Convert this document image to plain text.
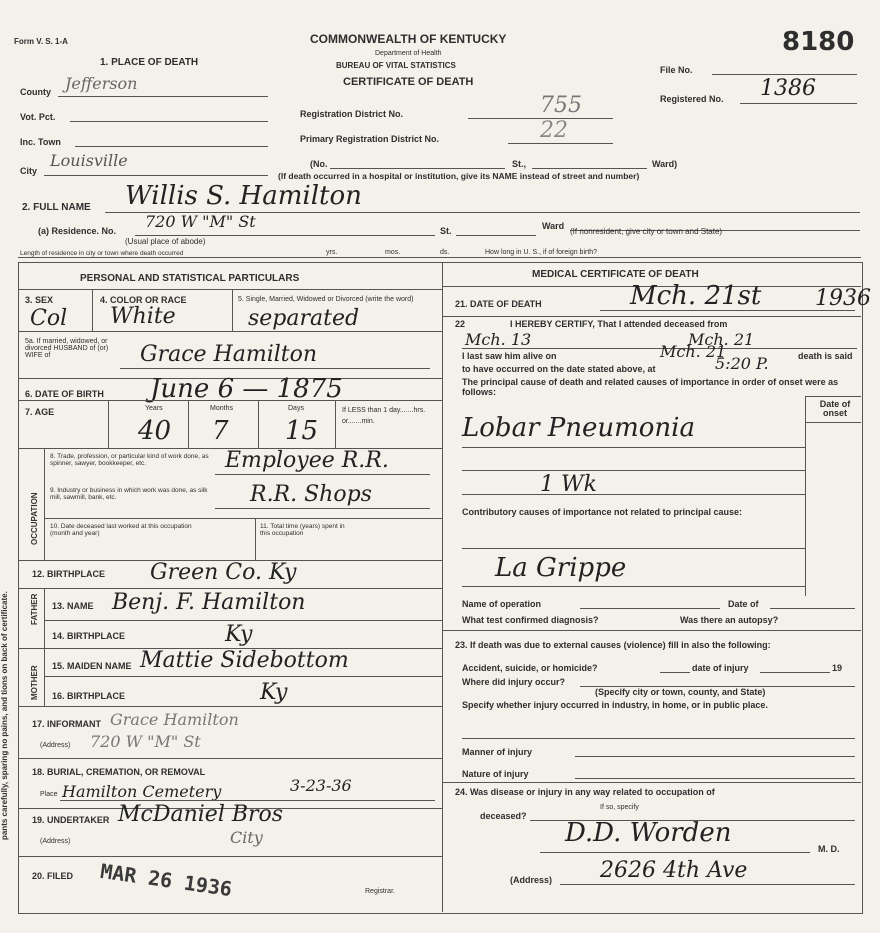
Form V. S. 1-A	COMMONWEALTH OF KENTUCKY
Department of Health
BUREAU OF VITAL STATISTICS
CERTIFICATE OF DEATH
8180
File No.
Registered No. 1386
1. PLACE OF DEATH
County Jefferson
Vot. Pct.
Inc. Town
City
Louisville
Registration District No.	755
Primary Registration District No.	22
(No.	St.,	Ward)
(If death occurred in a hospital or institution, give its NAME instead of street and number)
2. FULL NAME Willis S. Hamilton
(a) Residence. No. 720 W "M" St	St.	Ward
(If nonresident, give city or town and State)
(Usual place of abode)
Length of residence in city or town where death occurred	yrs.	mos.	ds.	How long in U. S., if of foreign birth?
PERSONAL AND STATISTICAL PARTICULARS
3. SEX
Col
4. COLOR OR RACE
White
5. Single, Married, Widowed or Divorced (write the word)
separated
5a. If married, widowed, or divorced HUSBAND of (or) WIFE of	Grace Hamilton
6. DATE OF BIRTH June 6 — 1875
7. AGE	Years	Months	Days	If LESS than 1 day.......hrs. or.......min.
40 7 15
OCCUPATION
8. Trade, profession, or particular kind of work done, as spinner, sawyer, bookkeeper, etc.	Employee R.R.
9. Industry or business in which work was done, as silk mill, sawmill, bank, etc.	R.R. Shops
10. Date deceased last worked at this occupation (month and year)
11. Total time (years) spent in this occupation
12. BIRTHPLACE Green Co. Ky
FATHER 13. NAME Benj. F. Hamilton
14. BIRTHPLACE	Ky
MOTHER 15. MAIDEN NAME Mattie Sidebottom
16. BIRTHPLACE	Ky
17. INFORMANT Grace Hamilton
(Address) 720 W "M" St
18. BURIAL, CREMATION, OR REMOVAL
Place Hamilton Cemetery	3-23-36
19. UNDERTAKER McDaniel Bros
(Address)	City
20. FILED MAR 26 1936	Registrar.
MEDICAL CERTIFICATE OF DEATH
21. DATE OF DEATH	Mch. 21st 1936
22	I HEREBY CERTIFY, That I attended deceased from
Mch. 13	Mch. 21
I last saw him alive on	Mch. 21	death is said
to have occurred on the date stated above, at	5:20 P.
The principal cause of death and related causes of importance in order of onset were as follows:
Date of onset
Lobar Pneumonia
1 Wk
Contributory causes of importance not related to principal cause:
La Grippe
Name of operation	Date of
What test confirmed diagnosis?	Was there an autopsy?
23. If death was due to external causes (violence) fill in also the following:
Accident, suicide, or homicide?	date of injury	19
Where did injury occur?
(Specify city or town, county, and State)
Specify whether injury occurred in industry, in home, or in public place.
Manner of injury
Nature of injury
24. Was disease or injury in any way related to occupation of
deceased?
If so, specify
D.D. Worden
M. D.
(Address) 2626 4th Ave
pants carefully, sparing no pains, and tions on back of certificate.
